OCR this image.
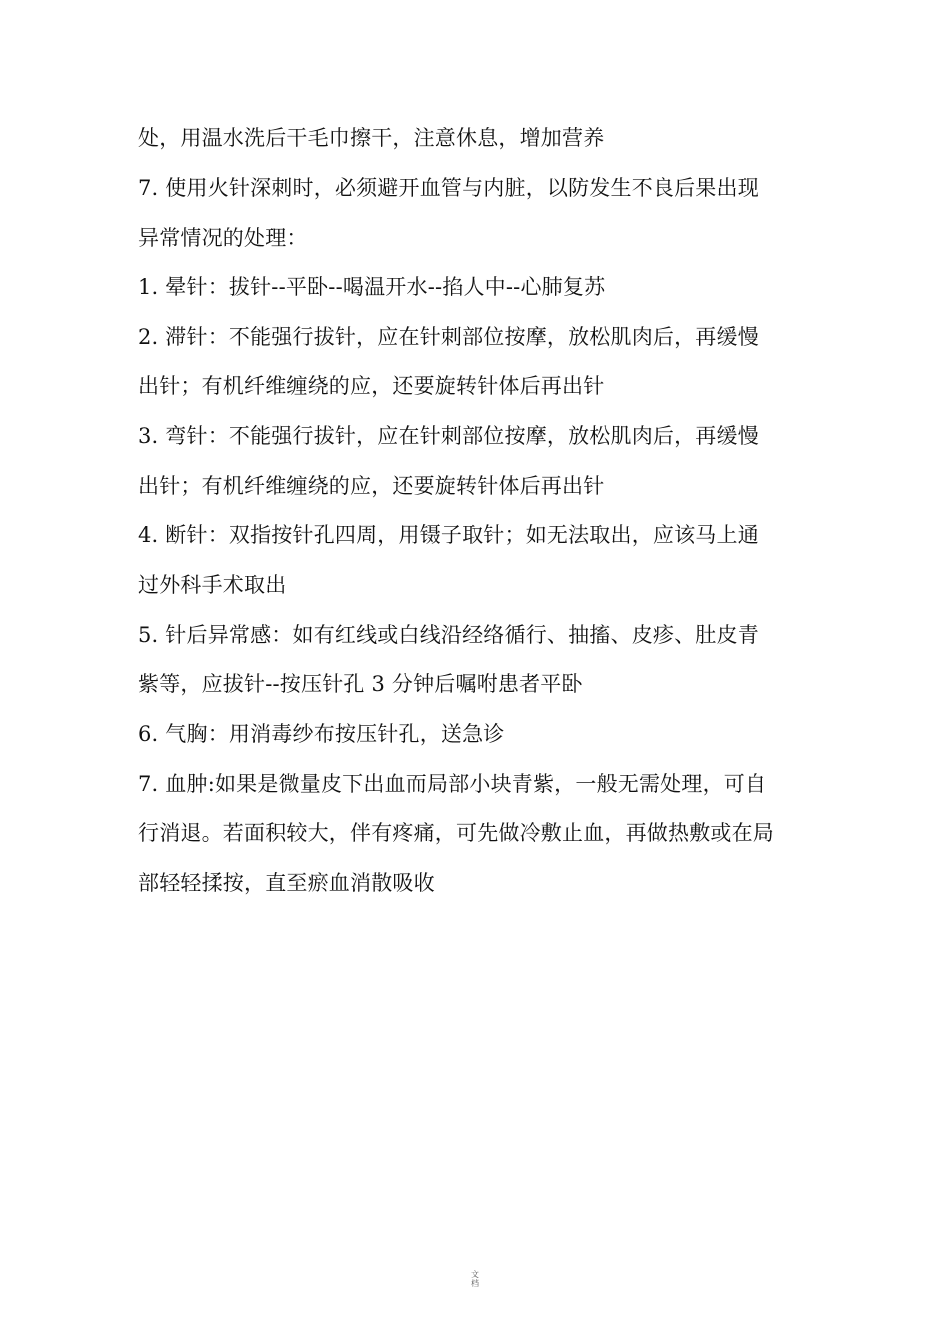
处，用温水洗后干毛巾擦干，注意休息，增加营养
7. 使用火针深刺时，必须避开血管与内脏，以防发生不良后果出现
异常情况的处理：
1. 晕针：拔针--平卧--喝温开水--掐人中--心肺复苏
2. 滞针：不能强行拔针，应在针刺部位按摩，放松肌肉后，再缓慢
出针；有机纤维缠绕的应，还要旋转针体后再出针
3. 弯针：不能强行拔针，应在针刺部位按摩，放松肌肉后，再缓慢
出针；有机纤维缠绕的应，还要旋转针体后再出针
4. 断针：双指按针孔四周，用镊子取针；如无法取出，应该马上通
过外科手术取出
5. 针后异常感：如有红线或白线沿经络循行、抽搐、皮疹、肚皮青
紫等，应拔针--按压针孔 3 分钟后嘱咐患者平卧
6. 气胸：用消毒纱布按压针孔，送急诊
7. 血肿:如果是微量皮下出血而局部小块青紫，一般无需处理，可自
行消退。若面积较大，伴有疼痛，可先做冷敷止血，再做热敷或在局
部轻轻揉按，直至瘀血消散吸收
文
档
